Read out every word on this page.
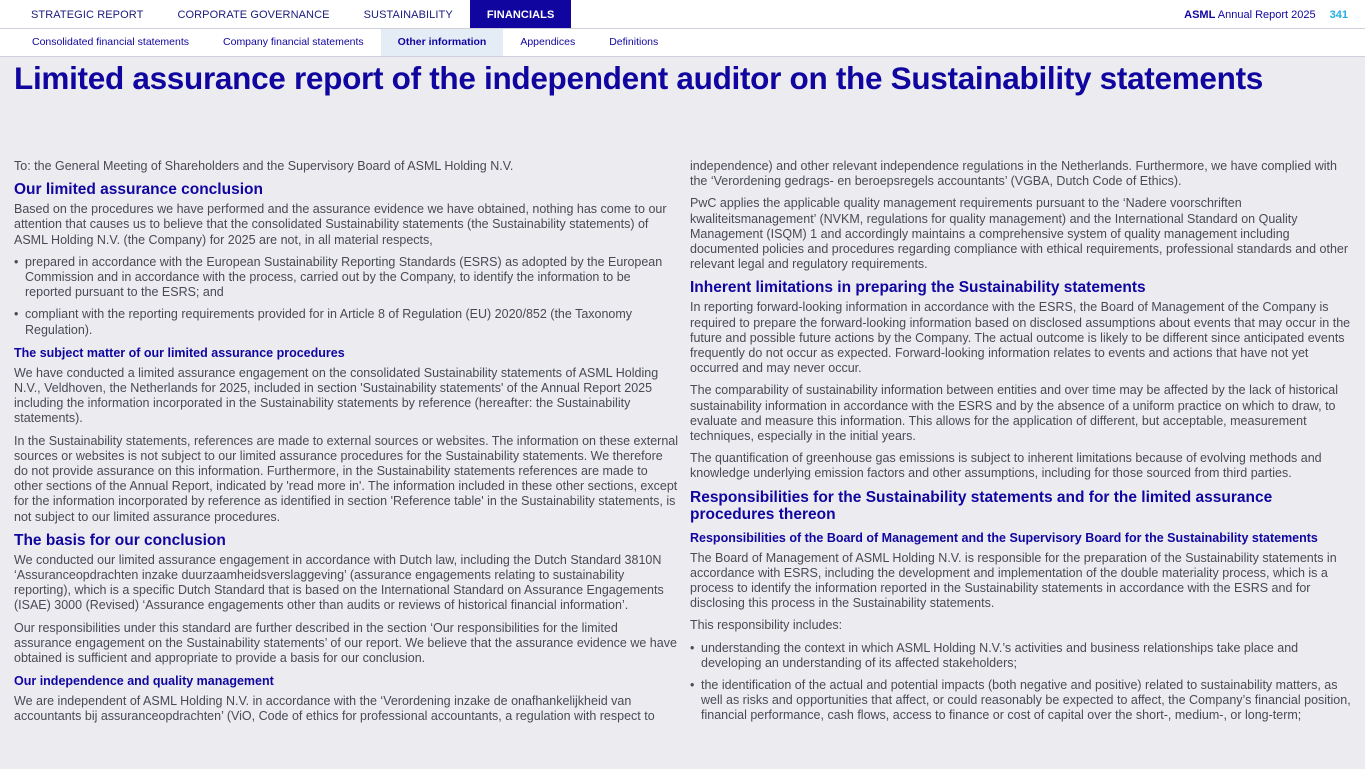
STRATEGIC REPORT	CORPORATE GOVERNANCE	SUSTAINABILITY	FINANCIALS	ASML Annual Report 2025 341
Consolidated financial statements	Company financial statements	Other information	Appendices	Definitions
Limited assurance report of the independent auditor on the Sustainability statements

To: the General Meeting of Shareholders and the Supervisory Board of ASML Holding N.V.

Our limited assurance conclusion

Based on the procedures we have performed and the assurance evidence we have obtained, nothing has come to our attention that causes us to believe that the consolidated Sustainability statements (the Sustainability statements) of ASML Holding N.V. (the Company) for 2025 are not, in all material respects,

• prepared in accordance with the European Sustainability Reporting Standards (ESRS) as adopted by the European Commission and in accordance with the process, carried out by the Company, to identify the information to be reported pursuant to the ESRS; and
• compliant with the reporting requirements provided for in Article 8 of Regulation (EU) 2020/852 (the Taxonomy Regulation).
The subject matter of our limited assurance procedures

We have conducted a limited assurance engagement on the consolidated Sustainability statements of ASML Holding N.V., Veldhoven, the Netherlands for 2025, included in section 'Sustainability statements' of the Annual Report 2025 including the information incorporated in the Sustainability statements by reference (hereafter: the Sustainability statements).

In the Sustainability statements, references are made to external sources or websites. The information on these external sources or websites is not subject to our limited assurance procedures for the Sustainability statements. We therefore do not provide assurance on this information. Furthermore, in the Sustainability statements references are made to other sections of the Annual Report, indicated by 'read more in'. The information included in these other sections, except for the information incorporated by reference as identified in section 'Reference table' in the Sustainability statements, is not subject to our limited assurance procedures.

The basis for our conclusion

We conducted our limited assurance engagement in accordance with Dutch law, including the Dutch Standard 3810N ‘Assuranceopdrachten inzake duurzaamheidsverslaggeving’ (assurance engagements relating to sustainability reporting), which is a specific Dutch Standard that is based on the International Standard on Assurance Engagements (ISAE) 3000 (Revised) ‘Assurance engagements other than audits or reviews of historical financial information’.

Our responsibilities under this standard are further described in the section ‘Our responsibilities for the limited assurance engagement on the Sustainability statements’ of our report. We believe that the assurance evidence we have obtained is sufficient and appropriate to provide a basis for our conclusion.

Our independence and quality management

We are independent of ASML Holding N.V. in accordance with the ‘Verordening inzake de onafhankelijkheid van accountants bij assuranceopdrachten’ (ViO, Code of ethics for professional accountants, a regulation with respect to

independence) and other relevant independence regulations in the Netherlands. Furthermore, we have complied with the ‘Verordening gedrags- en beroepsregels accountants’ (VGBA, Dutch Code of Ethics).

PwC applies the applicable quality management requirements pursuant to the ‘Nadere voorschriften kwaliteitsmanagement’ (NVKM, regulations for quality management) and the International Standard on Quality Management (ISQM) 1 and accordingly maintains a comprehensive system of quality management including documented policies and procedures regarding compliance with ethical requirements, professional standards and other relevant legal and regulatory requirements.

Inherent limitations in preparing the Sustainability statements

In reporting forward-looking information in accordance with the ESRS, the Board of Management of the Company is required to prepare the forward-looking information based on disclosed assumptions about events that may occur in the future and possible future actions by the Company. The actual outcome is likely to be different since anticipated events frequently do not occur as expected. Forward-looking information relates to events and actions that have not yet occurred and may never occur.

The comparability of sustainability information between entities and over time may be affected by the lack of historical sustainability information in accordance with the ESRS and by the absence of a uniform practice on which to draw, to evaluate and measure this information. This allows for the application of different, but acceptable, measurement techniques, especially in the initial years.

The quantification of greenhouse gas emissions is subject to inherent limitations because of evolving methods and knowledge underlying emission factors and other assumptions, including for those sourced from third parties.

Responsibilities for the Sustainability statements and for the limited assurance procedures thereon
Responsibilities of the Board of Management and the Supervisory Board for the Sustainability statements

The Board of Management of ASML Holding N.V. is responsible for the preparation of the Sustainability statements in accordance with ESRS, including the development and implementation of the double materiality process, which is a process to identify the information reported in the Sustainability statements in accordance with the ESRS and for disclosing this process in the Sustainability statements.

This responsibility includes:

• understanding the context in which ASML Holding N.V.’s activities and business relationships take place and developing an understanding of its affected stakeholders;
• the identification of the actual and potential impacts (both negative and positive) related to sustainability matters, as well as risks and opportunities that affect, or could reasonably be expected to affect, the Company’s financial position, financial performance, cash flows, access to finance or cost of capital over the short-, medium-, or long-term;
